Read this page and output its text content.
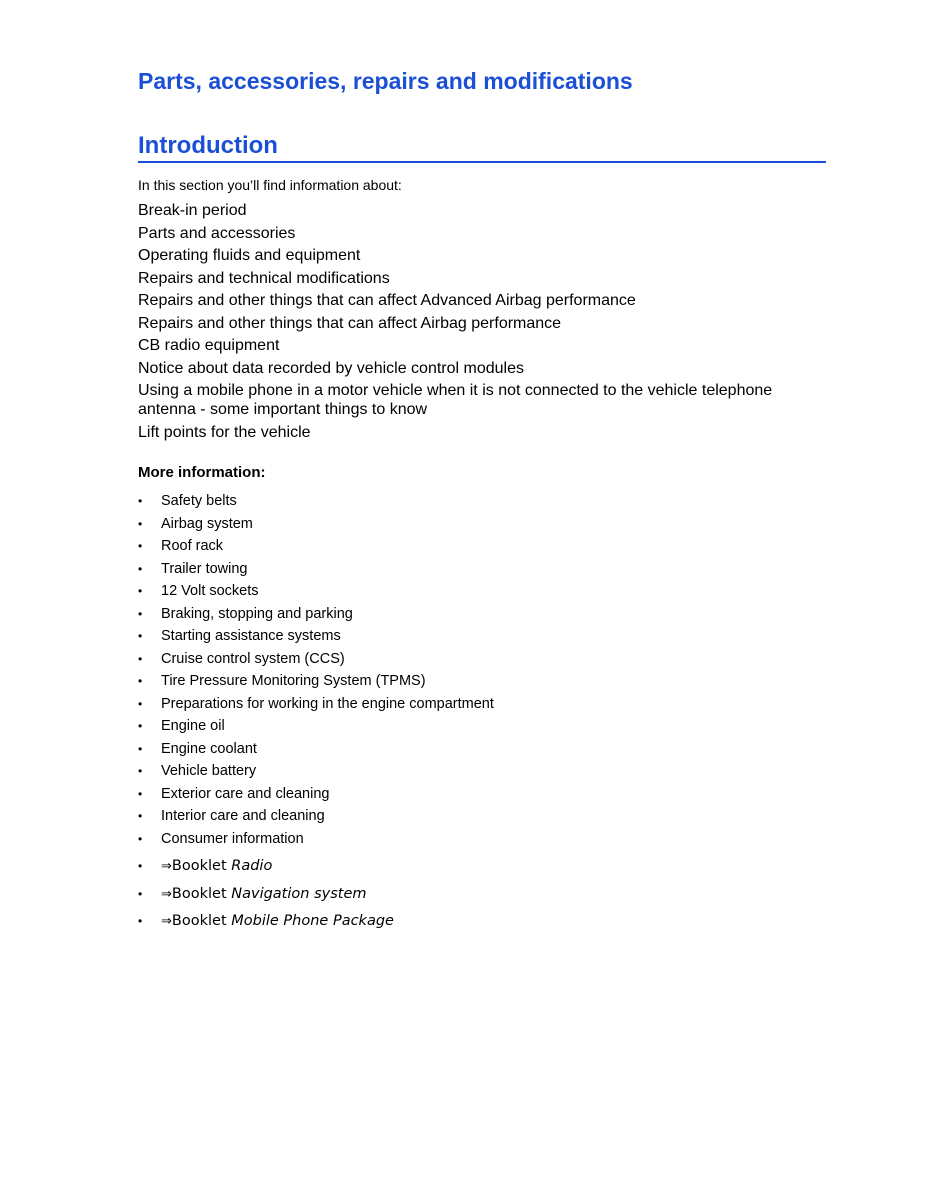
Parts, accessories, repairs and modifications
Introduction

In this section you’ll find information about:

Break-in period
Parts and accessories
Operating fluids and equipment
Repairs and technical modifications
Repairs and other things that can affect Advanced Airbag performance
Repairs and other things that can affect Airbag performance
CB radio equipment
Notice about data recorded by vehicle control modules
Using a mobile phone in a motor vehicle when it is not connected to the vehicle telephone antenna - some important things to know
Lift points for the vehicle
More information:
• Safety belts
• Airbag system
• Roof rack
• Trailer towing
• 12 Volt sockets
• Braking, stopping and parking
• Starting assistance systems
• Cruise control system (CCS)
• Tire Pressure Monitoring System (TPMS)
• Preparations for working in the engine compartment
• Engine oil
• Engine coolant
• Vehicle battery
• Exterior care and cleaning
• Interior care and cleaning
• Consumer information
• ⇒Booklet Radio
• ⇒Booklet Navigation system
• ⇒Booklet Mobile Phone Package
